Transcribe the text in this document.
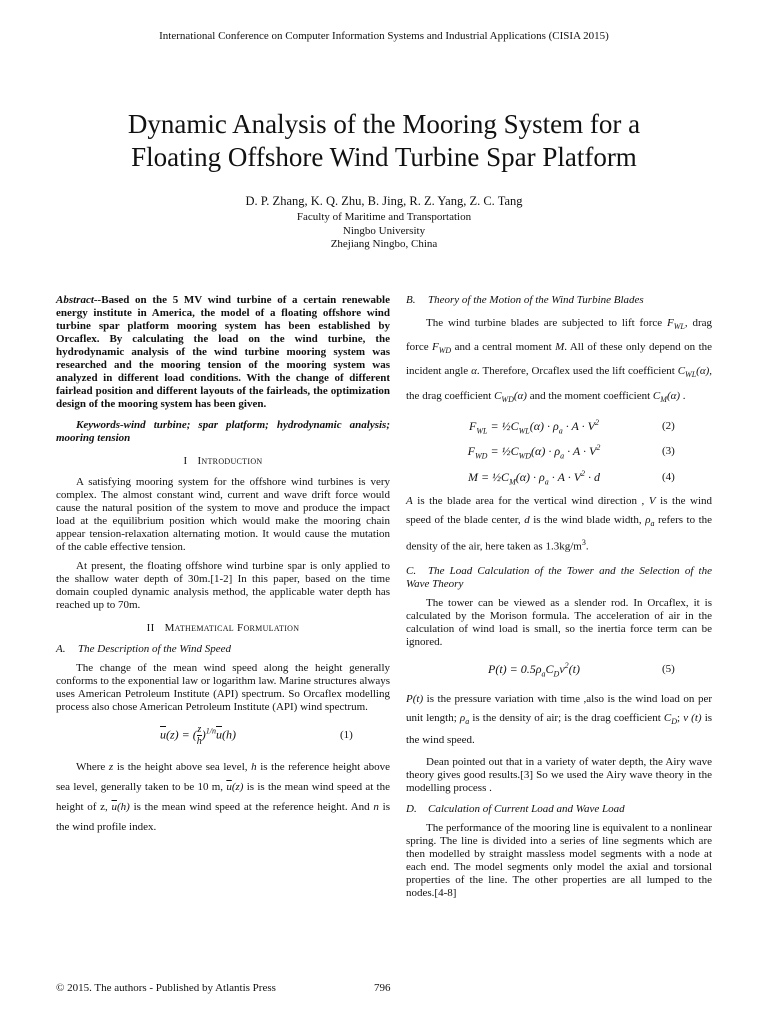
International Conference on Computer Information Systems and Industrial Applications (CISIA 2015)
Dynamic Analysis of the Mooring System for a
Floating Offshore Wind Turbine Spar Platform
D. P. Zhang, K. Q. Zhu, B. Jing, R. Z. Yang, Z. C. Tang
Faculty of Maritime and Transportation
Ningbo University
Zhejiang Ningbo, China

Abstract--Based on the 5 MV wind turbine of a certain renewable energy institute in America, the model of a floating offshore wind turbine spar platform mooring system has been established by Orcaflex. By calculating the load on the wind turbine, the hydrodynamic analysis of the wind turbine mooring system was researched and the mooring tension of the mooring system was analyzed in different load conditions. With the change of different fairlead position and different layouts of the fairleads, the optimization design of the mooring system has been given.

Keywords-wind turbine; spar platform; hydrodynamic analysis; mooring tension

I Introduction

A satisfying mooring system for the offshore wind turbines is very complex. The almost constant wind, current and wave drift force would cause the natural position of the system to move and produce the impact load at the equilibrium position which would make the mooring chain appear tension-relaxation alternating motion. It would cause the mutation of the cable effective tension.

At present, the floating offshore wind turbine spar is only applied to the shallow water depth of 30m.[1-2] In this paper, based on the time domain coupled dynamic analysis method, the applicable water depth has reached up to 70m.

II Mathematical Formulation
A. The Description of the Wind Speed

The change of the mean wind speed along the height generally conforms to the exponential law or logarithm law. Marine structures always uses American Petroleum Institute (API) spectrum. So Orcaflex modelling process also chose American Petroleum Institute (API) wind spectrum.

$\overline{u}(z)$ = ( $\frac{z}{h} )^{1/n}\overline{u}(h)$	(1)

Where z is the height above sea level, h is the reference height above sea level, generally taken to be 10 m, $\overline{u}(z)$ is is the mean wind speed at the height of z, $\overline{u}(h)$ is the mean wind speed at the reference height. And n is the wind profile index.

B. Theory of the Motion of the Wind Turbine Blades

The wind turbine blades are subjected to lift force $F_{WL}$, drag force $F_{WD}$ and a central moment M. All of these only depend on the incident angle α. Therefore, Orcaflex used the lift coefficient $C_{WL}(\alpha)$, the drag coefficient $C_{WD}(\alpha)$ and the moment coefficient $C_M(\alpha)$ .

$F_{WL}$ = $\frac{1}{2}C_{WL}(\alpha) \cdot \rho_a \cdot A \cdot V^2$	(2)
$F_{WD}$ = $\frac{1}{2}C_{WD}(\alpha) \cdot \rho_a \cdot A \cdot V^2$	(3)
$M = \frac{1}{2}C_M(\alpha) \cdot \rho_a \cdot A \cdot V^2 \cdot d$	(4)

A is the blade area for the vertical wind direction , V is the wind speed of the blade center, d is the wind blade width, $\rho_a$ refers to the density of the air, here taken as $1.3kg/m^3$.

C. The Load Calculation of the Tower and the Selection of the Wave Theory

The tower can be viewed as a slender rod. In Orcaflex, it is calculated by the Morison formula. The acceleration of air in the calculation of wind load is small, so the inertia force term can be ignored.

$P(t) = 0.5\rho_aC_Dv^2(t)$	(5)

P(t) is the pressure variation with time ,also is the wind load on per unit length; $\rho_a$ is the density of air; is the drag coefficient $C_D$; v (t) is the wind speed.

Dean pointed out that in a variety of water depth, the Airy wave theory gives good results.[3] So we used the Airy wave theory in the modelling process .

D. Calculation of Current Load and Wave Load

The performance of the mooring line is equivalent to a nonlinear spring. The line is divided into a series of line segments which are then modelled by straight massless model segments with a node at each end. The model segments only model the axial and torsional properties of the line. The other properties are all lumped to the nodes.[4-8]

© 2015. The authors - Published by Atlantis Press	796
